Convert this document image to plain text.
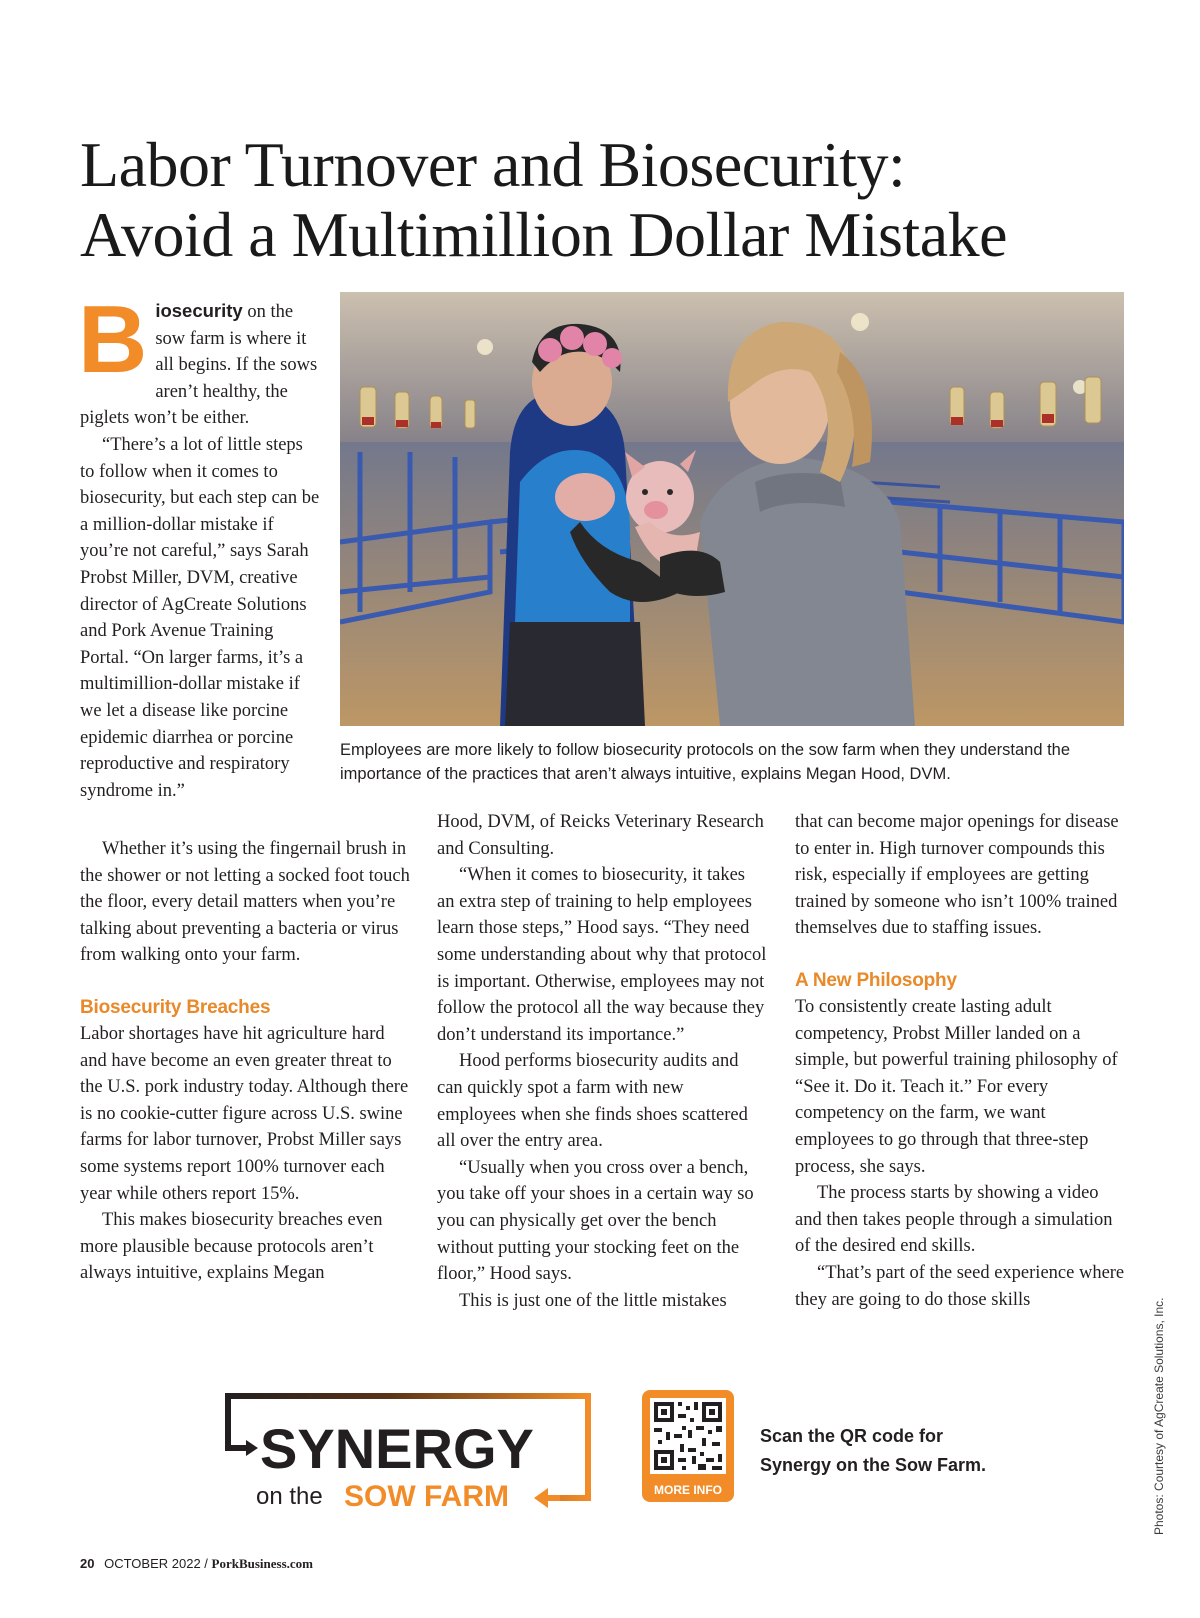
Labor Turnover and Biosecurity:
Avoid a Multimillion Dollar Mistake

B iosecurity on the sow farm is where it all begins. If the sows aren’t healthy, the piglets won’t be either.

“There’s a lot of little steps to follow when it comes to biosecurity, but each step can be a million-dollar mistake if you’re not careful,” says Sarah Probst Miller, DVM, creative director of AgCreate Solutions and Pork Avenue Training Portal. “On larger farms, it’s a multimillion-dollar mistake if we let a disease like porcine epidemic diarrhea or porcine reproductive and respiratory syndrome in.”

Employees are more likely to follow biosecurity protocols on the sow farm when they understand the importance of the practices that aren’t always intuitive, explains Megan Hood, DVM.

Whether it’s using the fingernail brush in the shower or not letting a socked foot touch the floor, every detail matters when you’re talking about preventing a bacteria or virus from walking onto your farm.

Biosecurity Breaches

Labor shortages have hit agriculture hard and have become an even greater threat to the U.S. pork industry today. Although there is no cookie-cutter figure across U.S. swine farms for labor turnover, Probst Miller says some systems report 100% turnover each year while others report 15%.

This makes biosecurity breaches even more plausible because protocols aren’t always intuitive, explains Megan

Hood, DVM, of Reicks Veterinary Research and Consulting.

“When it comes to biosecurity, it takes an extra step of training to help employees learn those steps,” Hood says. “They need some understanding about why that protocol is important. Otherwise, employees may not follow the protocol all the way because they don’t understand its importance.”

Hood performs biosecurity audits and can quickly spot a farm with new employees when she finds shoes scattered all over the entry area.

“Usually when you cross over a bench, you take off your shoes in a certain way so you can physically get over the bench without putting your stocking feet on the floor,” Hood says.

This is just one of the little mistakes

that can become major openings for disease to enter in. High turnover compounds this risk, especially if employees are getting trained by someone who isn’t 100% trained themselves due to staffing issues.

A New Philosophy

To consistently create lasting adult competency, Probst Miller landed on a simple, but powerful training philosophy of “See it. Do it. Teach it.” For every competency on the farm, we want employees to go through that three-step process, she says.

The process starts by showing a video and then takes people through a simulation of the desired end skills.

“That’s part of the seed experience where they are going to do those skills

SYNERGY
on the SOW FARM	MORE INFO

Scan the QR code for
Synergy on the Sow Farm.	Photos: Courtesy of AgCreate Solutions, Inc.

20 OCTOBER 2022 / PorkBusiness.com
